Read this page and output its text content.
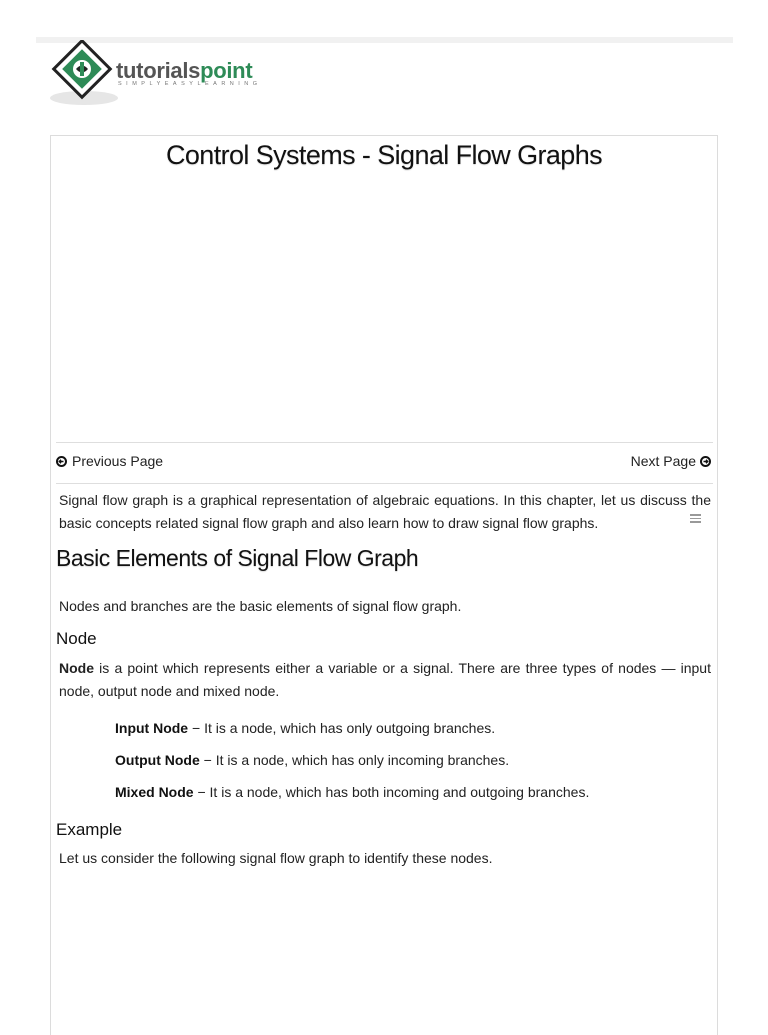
tutorialspoint
SIMPLYEASYLEARNING
Control Systems - Signal Flow Graphs
Previous Page	Next Page

Signal flow graph is a graphical representation of algebraic equations. In this chapter, let us discuss the basic concepts related signal flow graph and also learn how to draw signal flow graphs.

Basic Elements of Signal Flow Graph

Nodes and branches are the basic elements of signal flow graph.

Node

Node is a point which represents either a variable or a signal. There are three types of nodes — input node, output node and mixed node.

Input Node − It is a node, which has only outgoing branches.

Output Node − It is a node, which has only incoming branches.

Mixed Node − It is a node, which has both incoming and outgoing branches.

Example

Let us consider the following signal flow graph to identify these nodes.
